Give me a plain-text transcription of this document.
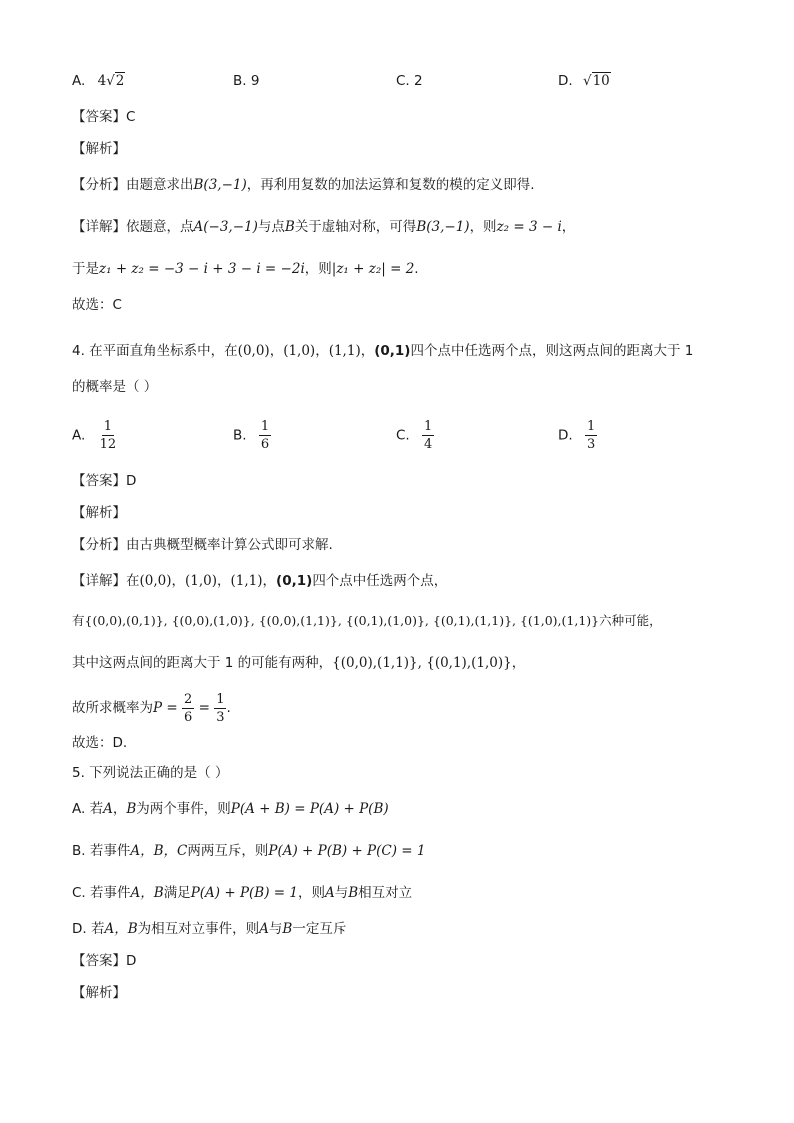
A. 4√2	B. 9	C. 2	D. √10
【答案】C
【解析】
【分析】由题意求出B(3,−1)，再利用复数的加法运算和复数的模的定义即得.
【详解】依题意，点A(−3,−1)与点B关于虚轴对称，可得B(3,−1)，则z₂ = 3 − i，
于是z₁ + z₂ = −3 − i + 3 − i = −2i，则|z₁ + z₂| = 2.
故选：C
4. 在平面直角坐标系中，在(0,0)，(1,0)，(1,1)，(0,1)四个点中任选两个点，则这两点间的距离大于 1
的概率是（ ）
A. $\frac{1}{12}$	B. $\frac{1}{6}$	C. $\frac{1}{4}$	D. $\frac{1}{3}$
【答案】D
【解析】
【分析】由古典概型概率计算公式即可求解.
【详解】在(0,0)，(1,0)，(1,1)，(0,1)四个点中任选两个点，
有{(0,0),(0,1)}, {(0,0),(1,0)}, {(0,0),(1,1)}, {(0,1),(1,0)}, {(0,1),(1,1)}, {(1,0),(1,1)}六种可能，
其中这两点间的距离大于 1 的可能有两种，{(0,0),(1,1)}, {(0,1),(1,0)}，
故所求概率为$P = \frac{2}{6} = \frac{1}{3}$ .
故选：D.
5. 下列说法正确的是（ ）
A. 若A，B为两个事件，则P(A + B) = P(A) + P(B)
B. 若事件A，B，C两两互斥，则P(A) + P(B) + P(C) = 1
C. 若事件A，B满足P(A) + P(B) = 1，则A与B相互对立
D. 若A，B为相互对立事件，则A与B一定互斥
【答案】D
【解析】
